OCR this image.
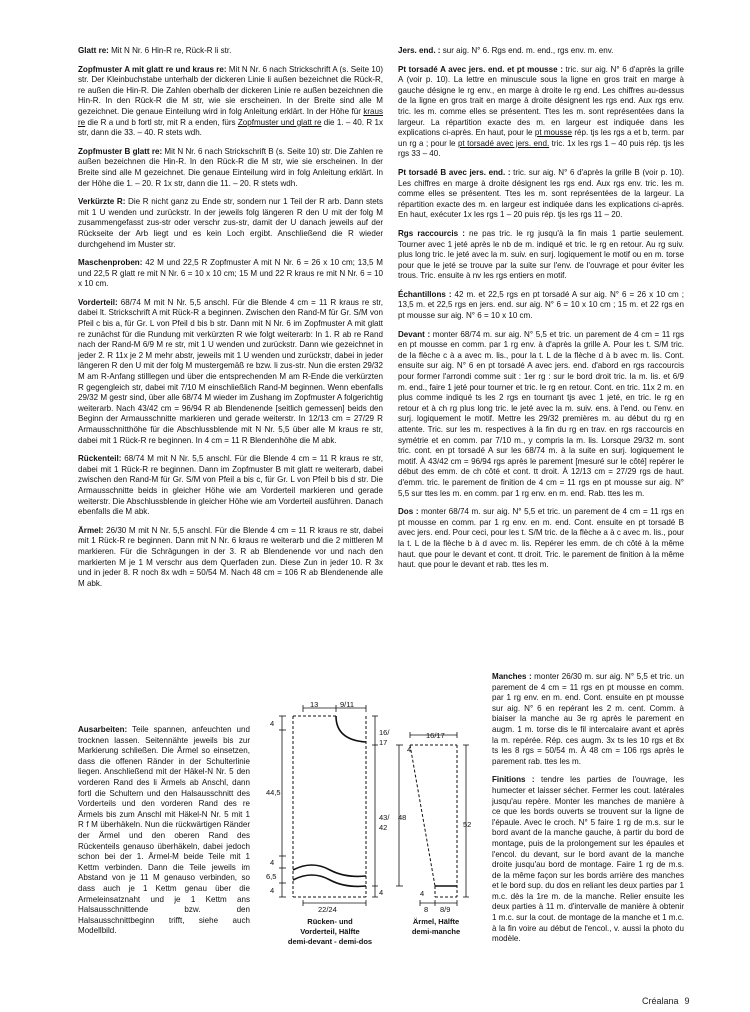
Glatt re: Mit N Nr. 6 Hin-R re, Rück-R li str.

Zopfmuster A mit glatt re und kraus re: Mit N Nr. 6 nach Strickschrift A (s. Seite 10) str. Der Kleinbuchstabe unterhalb der dickeren Linie li außen bezeichnet die Rück-R, re außen die Hin-R. Die Zahlen oberhalb der dickeren Linie re außen bezeichnen die Hin-R. In den Rück-R die M str, wie sie erscheinen. In der Breite sind alle M gezeichnet. Die genaue Einteilung wird in folg Anleitung erklärt. In der Höhe für kraus re die R a und b fortl str, mit R a enden, fürs Zopfmuster und glatt re die 1. – 40. R 1x str, dann die 33. – 40. R stets wdh.

Zopfmuster B glatt re: Mit N Nr. 6 nach Strickschrift B (s. Seite 10) str. Die Zahlen re außen bezeichnen die Hin-R. In den Rück-R die M str, wie sie erscheinen. In der Breite sind alle M gezeichnet. Die genaue Einteilung wird in folg Anleitung erklärt. In der Höhe die 1. – 20. R 1x str, dann die 11. – 20. R stets wdh.

Verkürzte R: Die R nicht ganz zu Ende str, sondern nur 1 Teil der R arb. Dann stets mit 1 U wenden und zurückstr. In der jeweils folg längeren R den U mit der folg M zusammengefasst zus-str oder verschr zus-str, damit der U danach jeweils auf der Rückseite der Arb liegt und es kein Loch ergibt. Anschließend die R wieder durchgehend im Muster str.

Maschenproben: 42 M und 22,5 R Zopfmuster A mit N Nr. 6 = 26 x 10 cm; 13,5 M und 22,5 R glatt re mit N Nr. 6 = 10 x 10 cm; 15 M und 22 R kraus re mit N Nr. 6 = 10 x 10 cm.

Vorderteil: 68/74 M mit N Nr. 5,5 anschl. Für die Blende 4 cm = 11 R kraus re str, dabei lt. Strickschrift A mit Rück-R a beginnen. Zwischen den Rand-M für Gr. S/M von Pfeil c bis a, für Gr. L von Pfeil d bis b str. Dann mit N Nr. 6 im Zopfmuster A mit glatt re zunächst für die Rundung mit verkürzten R wie folgt weiterarb: In 1. R ab re Rand nach der Rand-M 6/9 M re str, mit 1 U wenden und zurückstr. Dann wie gezeichnet in jeder 2. R 11x je 2 M mehr abstr, jeweils mit 1 U wenden und zurückstr, dabei in jeder längeren R den U mit der folg M mustergemäß re bzw. li zus-str. Nun die ersten 29/32 M am R-Anfang stilllegen und über die entsprechenden M am R-Ende die verkürzten R gegengleich str, dabei mit 7/10 M einschließlich Rand-M beginnen. Wenn ebenfalls 29/32 M gestr sind, über alle 68/74 M wieder im Zushang im Zopfmuster A folgerichtig weiterarb. Nach 43/42 cm = 96/94 R ab Blendenende [seitlich gemessen] beids den Beginn der Armausschnitte markieren und gerade weiterstr. In 12/13 cm = 27/29 R Armausschnitthöhe für die Abschlussblende mit N Nr. 5,5 über alle M kraus re str, dabei mit 1 Rück-R re beginnen. In 4 cm = 11 R Blendenhöhe die M abk.

Rückenteil: 68/74 M mit N Nr. 5,5 anschl. Für die Blende 4 cm = 11 R kraus re str, dabei mit 1 Rück-R re beginnen. Dann im Zopfmuster B mit glatt re weiterarb, dabei zwischen den Rand-M für Gr. S/M von Pfeil a bis c, für Gr. L von Pfeil b bis d str. Die Armausschnitte beids in gleicher Höhe wie am Vorderteil markieren und gerade weiterstr. Die Abschlussblende in gleicher Höhe wie am Vorderteil ausführen. Danach ebenfalls die M abk.

Ärmel: 26/30 M mit N Nr. 5,5 anschl. Für die Blende 4 cm = 11 R kraus re str, dabei mit 1 Rück-R re beginnen. Dann mit N Nr. 6 kraus re weiterarb und die 2 mittleren M markieren. Für die Schrägungen in der 3. R ab Blendenende vor und nach den markierten M je 1 M verschr aus dem Querfaden zun. Diese Zun in jeder 10. R 3x und in jeder 8. R noch 8x wdh = 50/54 M. Nach 48 cm = 106 R ab Blendenende alle M abk.

Ausarbeiten: Teile spannen, anfeuchten und trocknen lassen. Seitennähte jeweils bis zur Markierung schließen. Die Ärmel so einsetzen, dass die offenen Ränder in der Schulterlinie liegen. Anschließend mit der Häkel-N Nr. 5 den vorderen Rand des li Ärmels ab Anschl, dann fortl die Schultern und den Halsausschnitt des Vorderteils und den vorderen Rand des re Ärmels bis zum Anschl mit Häkel-N Nr. 5 mit 1 R f M überhäkeln. Nun die rückwärtigen Ränder der Ärmel und den oberen Rand des Rückenteils genauso überhäkeln, dabei jedoch schon bei der 1. Ärmel-M beide Teile mit 1 Kettm verbinden. Dann die Teile jeweils im Abstand von je 11 M genauso verbinden, so dass auch je 1 Kettm genau über die Armeleinsatznaht und je 1 Kettm ans Halsausschnittende bzw. den Halsausschnittbeginn trifft, siehe auch Modellbild.

Jers. end. : sur aig. N° 6. Rgs end. m. end., rgs env. m. env.

Pt torsadé A avec jers. end. et pt mousse : tric. sur aig. N° 6 d'après la grille A (voir p. 10). La lettre en minuscule sous la ligne en gros trait en marge à gauche désigne le rg env., en marge à droite le rg end. Les chiffres au-dessus de la ligne en gros trait en marge à droite désignent les rgs end. Aux rgs env. tric. les m. comme elles se présentent. Ttes les m. sont représentées dans la largeur. La répartition exacte des m. en largeur est indiquée dans les explications ci-après. En haut, pour le pt mousse rép. tjs les rgs a et b, term. par un rg a ; pour le pt torsadé avec jers. end. tric. 1x les rgs 1 – 40 puis rép. tjs les rgs 33 – 40.

Pt torsadé B avec jers. end. : tric. sur aig. N° 6 d'après la grille B (voir p. 10). Les chiffres en marge à droite désignent les rgs end. Aux rgs env. tric. les m. comme elles se présentent. Ttes les m. sont représentées de la largeur. La répartition exacte des m. en largeur est indiquée dans les explications ci-après. En haut, exécuter 1x les rgs 1 – 20 puis rép. tjs les rgs 11 – 20.

Rgs raccourcis : ne pas tric. le rg jusqu'à la fin mais 1 partie seulement. Tourner avec 1 jeté après le nb de m. indiqué et tric. le rg en retour. Au rg suiv. plus long tric. le jeté avec la m. suiv. en surj. logiquement le motif ou en m. torse pour que le jeté se trouve par la suite sur l'env. de l'ouvrage et pour éviter les trous. Tric. ensuite à nv les rgs entiers en motif.

Échantillons : 42 m. et 22,5 rgs en pt torsadé A sur aig. N° 6 = 26 x 10 cm ; 13,5 m. et 22,5 rgs en jers. end. sur aig. N° 6 = 10 x 10 cm ; 15 m. et 22 rgs en pt mousse sur aig. N° 6 = 10 x 10 cm.

Devant : monter 68/74 m. sur aig. N° 5,5 et tric. un parement de 4 cm = 11 rgs en pt mousse en comm. par 1 rg env. à d'après la grille A. Pour les t. S/M tric. de la flèche c à a avec m. lis., pour la t. L de la flèche d à b avec m. lis. Cont. ensuite sur aig. N° 6 en pt torsadé A avec jers. end. d'abord en rgs raccourcis pour former l'arrondi comme suit : 1er rg : sur le bord droit tric. la m. lis. et 6/9 m. end., faire 1 jeté pour tourner et tric. le rg en retour. Cont. en tric. 11x 2 m. en plus comme indiqué ts les 2 rgs en tournant tjs avec 1 jeté, en tric. le rg en retour et à ch rg plus long tric. le jeté avec la m. suiv. ens. à l'end. ou l'env. en surj. logiquement le motif. Mettre les 29/32 premières m. au début du rg en attente. Tric. sur les m. respectives à la fin du rg en trav. en rgs raccourcis en symétrie et en comm. par 7/10 m., y compris la m. lis. Lorsque 29/32 m. sont tric. cont. en pt torsadé A sur les 68/74 m. à la suite en surj. logiquement le motif. À 43/42 cm = 96/94 rgs après le parement [mesuré sur le côté] repérer le début des emm. de ch côté et cont. tt droit. À 12/13 cm = 27/29 rgs de haut. d'emm. tric. le parement de finition de 4 cm = 11 rgs en pt mousse sur aig. N° 5,5 sur ttes les m. en comm. par 1 rg env. en m. end. Rab. ttes les m.

Dos : monter 68/74 m. sur aig. N° 5,5 et tric. un parement de 4 cm = 11 rgs en pt mousse en comm. par 1 rg env. en m. end. Cont. ensuite en pt torsadé B avec jers. end. Pour ceci, pour les t. S/M tric. de la flèche a à c avec m. lis., pour la t. L de la flèche b à d avec m. lis. Repérer les emm. de ch côté à la même haut. que pour le devant et cont. tt droit. Tric. le parement de finition à la même haut. que pour le devant et rab. ttes les m.

Manches : monter 26/30 m. sur aig. N° 5,5 et tric. un parement de 4 cm = 11 rgs en pt mousse en comm. par 1 rg env. en m. end. Cont. ensuite en pt mousse sur aig. N° 6 en repérant les 2 m. cent. Comm. à biaiser la manche au 3e rg après le parement en augm. 1 m. torse dis le fil intercalaire avant et après la m. repérée. Rép. ces augm. 3x ts les 10 rgs et 8x ts les 8 rgs = 50/54 m. À 48 cm = 106 rgs après le parement rab. ttes les m.

Finitions : tendre les parties de l'ouvrage, les humecter et laisser sécher. Fermer les cout. latérales jusqu'au repère. Monter les manches de manière à ce que les bords ouverts se trouvent sur la ligne de l'épaule. Avec le croch. N° 5 faire 1 rg de m.s. sur le bord avant de la manche gauche, à partir du bord de montage, puis de la prolongement sur les épaules et l'encol. du devant, sur le bord avant de la manche droite jusqu'au bord de montage. Faire 1 rg de m.s. de la même façon sur les bords arrière des manches et le bord sup. du dos en reliant les deux parties par 1 m.c. dès la 1re m. de la manche. Relier ensuite les deux parties à 11 m. d'intervalle de manière à obtenir 1 m.c. sur la cout. de montage de la manche et 1 m.c. à la fin voire au début de l'encol., v. aussi la photo du modèle.

13	9/11
4
44,5
4
6,5
4
16/
17
43/
42
4
22/24
Rücken- und
Vorderteil, Hälfte
demi-devant - demi-dos
16/17
4
48
52
4
8 8/9
Ärmel, Hälfte
demi-manche
Créalana 9
